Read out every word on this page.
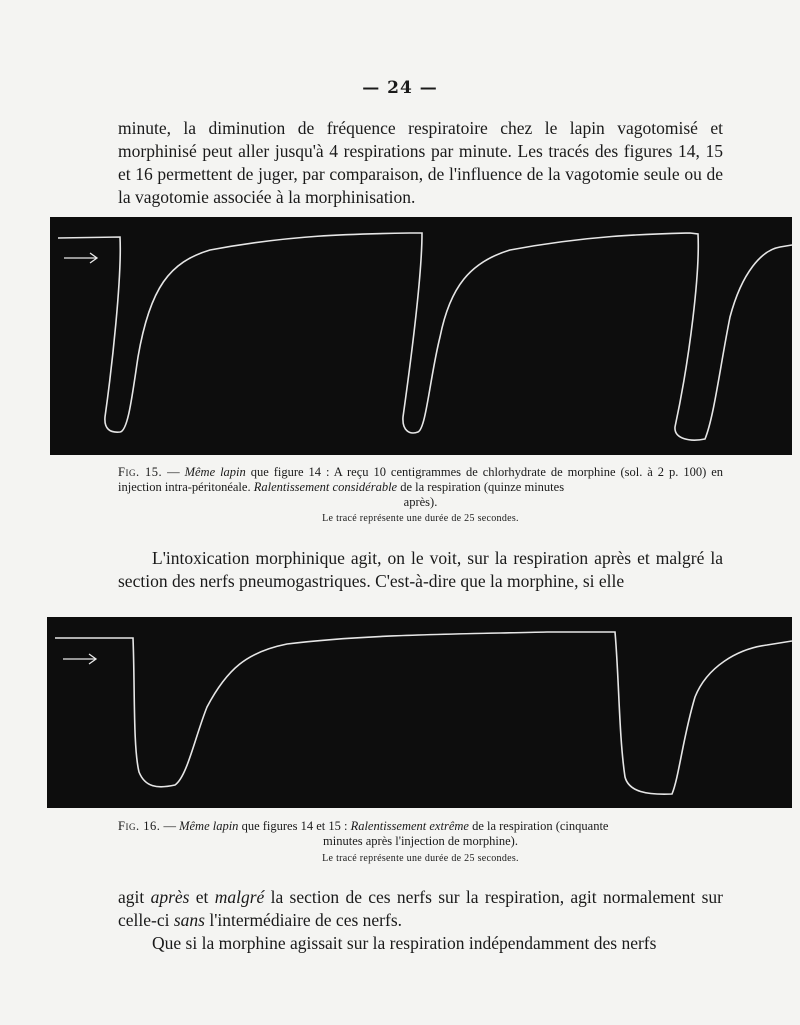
— 24 —

minute, la diminution de fréquence respiratoire chez le lapin vagotomisé et morphinisé peut aller jusqu'à 4 respirations par minute. Les tracés des figures 14, 15 et 16 permettent de juger, par comparaison, de l'influence de la vagotomie seule ou de la vagotomie associée à la morphinisation.

Fig. 15. — Même lapin que figure 14 : A reçu 10 centigrammes de chlorhydrate de morphine (sol. à 2 p. 100) en injection intra-péritonéale. Ralentissement considérable de la respiration (quinze minutes
après).
Le tracé représente une durée de 25 secondes.

L'intoxication morphinique agit, on le voit, sur la respiration après et malgré la section des nerfs pneumogastriques. C'est-à-dire que la morphine, si elle

Fig. 16. — Même lapin que figures 14 et 15 : Ralentissement extrême de la respiration (cinquante
minutes après l'injection de morphine).
Le tracé représente une durée de 25 secondes.

agit après et malgré la section de ces nerfs sur la respiration, agit normalement sur celle-ci sans l'intermédiaire de ces nerfs.

Que si la morphine agissait sur la respiration indépendamment des nerfs
